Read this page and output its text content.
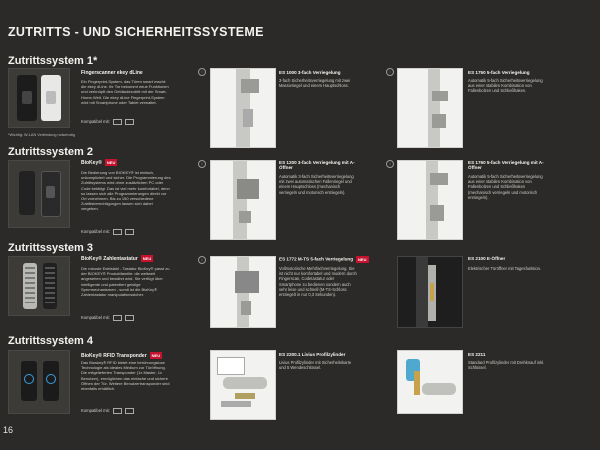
ZUTRITTS - UND SICHERHEITSSYSTEME
Zutrittssystem 1*
Fingerscanner ekey dLine
Ein Fingerprint-System, das Türen smart macht: die ekey dLine. Ihr Tor bekommt neue Funktionen und verknüpft den Gebäudezutritt mit der Smart-Home-Welt. Die ekey dLine Fingerprint-System wird mit Smartphone oder Tablet verwaltet.
Kompatibel mit:
*Wichtig: W-LAN Verbindung notwendig
i	ES 1000 3-fach Verriegelung
3-fach Sicherheitsverriegelung mit zwei Massivriegel und einem Hauptschloss.
i	ES 1750 5-fach Verriegelung
Automatik 5-fach Sicherheitsverriegelung aus einer stabilen Kombination von Fallenbolzen und Schließhaken.
Zutrittssystem 2
BioKey® NEU
Die Bedienung von BIOKEY® ist einfach, unkompliziert und sicher. Die Programmierung des Zutrittsystems wird ohne zusätzlichen PC oder Code betätigt. Das ist viel mehr komfortabel, denn so lassen sich alle Programmierungen direkt vor Ort vornehmen. Bis zu 150 verschiedene Zutrittsberechtigungen lassen sich dabei vergeben.
Kompatibel mit:
i	ES 1200 3-fach Verriegelung mit A-Öffner
Automatik 3-fach Sicherheitsverriegelung mit zwei automatischen Fallenriegel und einem Hauptschloss (mechanisch verriegeln und motorisch entriegeln).
i	ES 1760 5-fach Verriegelung mit A-Öffner
Automatik 5-fach Sicherheitsverriegelung aus einer stabilen Kombination von Fallenbolzen und Schließhaken (mechanisch verriegeln und motorisch entriegeln).
Zutrittssystem 3
BioKey® Zahlentastatur NEU
Die robuste Edelstahl - Tastatur BioKey® passt zu der BIOKEY® Produktfamilie: die weltweit angesehen und bewährt wird. Sie verfügt über intelligente und patentiert geistige Sperrmechanismen - somit ist die BioKey® Zahlentastatur manipulationssicher.
Kompatibel mit:
i	ES 1772 M-TS 5-fach Verriegelung NEU
Vollmotorische Mehrfachverriegelung. Sie ist nicht nur komfortabel und modern durch Fingerscan, Codetastatur oder Smartphone zu bedienen sondern auch sehr leise und schnell (M-TS-Schloss entriegelt in nur 0,3 Sekunden).
ES 2100 E-Öffner
Elektrischer Türöffner mit Tagesfunktion.
Zutrittssystem 4
BioKey® RFID Transponder NEU
Das Bioskey® RFID bietet eine berührungslose Technologie als ideales Medium zur Türöffnung. Die mitgelieferten Transponder (1x Master, 1x Benutzer), ermöglichen das einfache und sichere Öffnen der Tür. Weitere Benutzertransponder sind ebenfalls erhältlich.
Kompatibel mit:
ES 2200.1 Livius Profilzylinder
Livius Profilzylinder mit Sicherheitskarte und 5 Wendeschlüssel.
ES 2211
Standard Profilzylinder mit Drehknauf inkl. Schlüssel.
16
